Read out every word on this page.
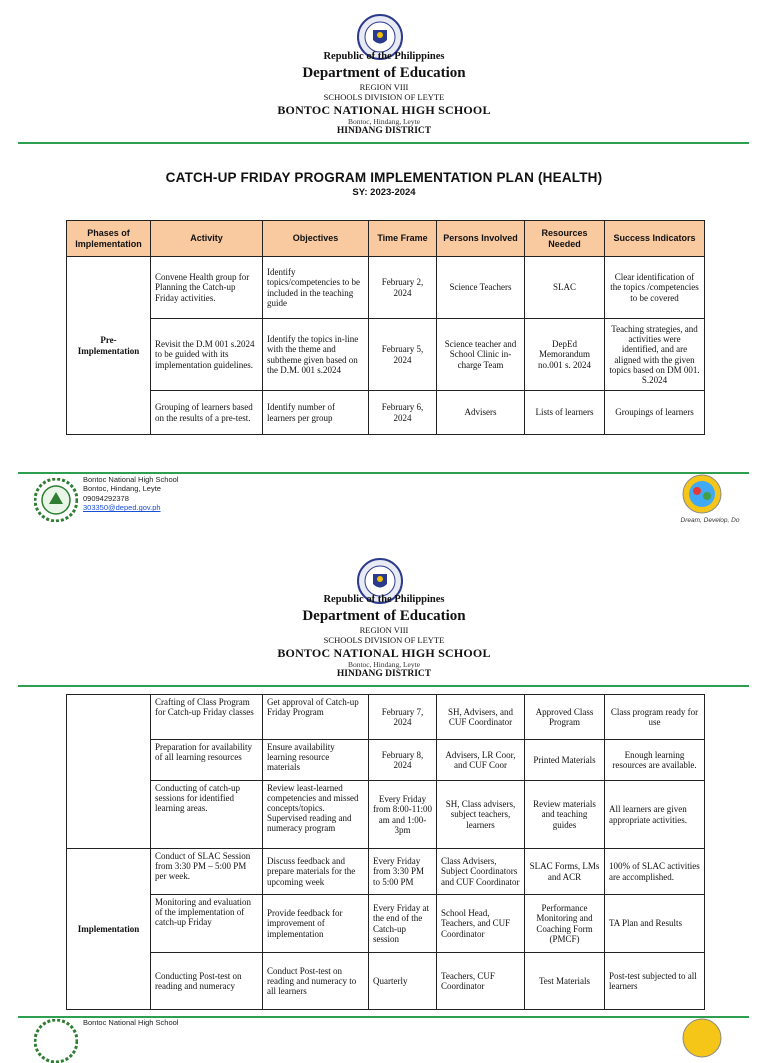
Republic of the Philippines
Department of Education
REGION VIII
SCHOOLS DIVISION OF LEYTE
BONTOC NATIONAL HIGH SCHOOL
Bontoc, Hindang, Leyte
HINDANG DISTRICT
CATCH-UP FRIDAY PROGRAM IMPLEMENTATION PLAN (HEALTH)
SY: 2023-2024
Phases of Implementation	Activity	Objectives	Time Frame	Persons Involved	Resources Needed	Success Indicators
Pre-Implementation	Convene Health group for Planning the Catch-up Friday activities.	Identify topics/competencies to be included in the teaching guide	February 2, 2024	Science Teachers	SLAC	Clear identification of the topics /competencies to be covered
	Revisit the D.M 001 s.2024 to be guided with its implementation guidelines.	Identify the topics in-line with the theme and subtheme given based on the D.M. 001 s.2024	February 5, 2024	Science teacher and School Clinic in-charge Team	DepEd Memorandum no.001 s. 2024	Teaching strategies, and activities were identified, and are aligned with the given topics based on DM 001. S.2024
	Grouping of learners based on the results of a pre-test.	Identify number of learners per group	February 6, 2024	Advisers	Lists of learners	Groupings of learners
Bontoc National High School
Bontoc, Hindang, Leyte
09094292378
303350@deped.gov.ph
Dream, Develop, Do
Republic of the Philippines
Department of Education
REGION VIII
SCHOOLS DIVISION OF LEYTE
BONTOC NATIONAL HIGH SCHOOL
Bontoc, Hindang, Leyte
HINDANG DISTRICT
	Crafting of Class Program for Catch-up Friday classes	Get approval of Catch-up Friday Program	February 7, 2024	SH, Advisers, and CUF Coordinator	Approved Class Program	Class program ready for use
	Preparation for availability of all learning resources	Ensure availability learning resource materials	February 8, 2024	Advisers, LR Coor, and CUF Coor	Printed Materials	Enough learning resources are available.
	Conducting of catch-up sessions for identified learning areas.	Review least-learned competencies and missed concepts/topics. Supervised reading and numeracy program	Every Friday from 8:00-11:00 am and 1:00-3pm	SH, Class advisers, subject teachers, learners	Review materials and teaching guides	All learners are given appropriate activities.
Implementation	Conduct of SLAC Session from 3:30 PM – 5:00 PM per week.	Discuss feedback and prepare materials for the upcoming week	Every Friday from 3:30 PM to 5:00 PM	Class Advisers, Subject Coordinators and CUF Coordinator	SLAC Forms, LMs and ACR	100% of SLAC activities are accomplished.
	Monitoring and evaluation of the implementation of catch-up Friday	Provide feedback for improvement of implementation	Every Friday at the end of the Catch-up session	School Head, Teachers, and CUF Coordinator	Performance Monitoring and Coaching Form (PMCF)	TA Plan and Results
	Conducting Post-test on reading and numeracy	Conduct Post-test on reading and numeracy to all learners	Quarterly	Teachers, CUF Coordinator	Test Materials	Post-test subjected to all learners
Bontoc National High School
